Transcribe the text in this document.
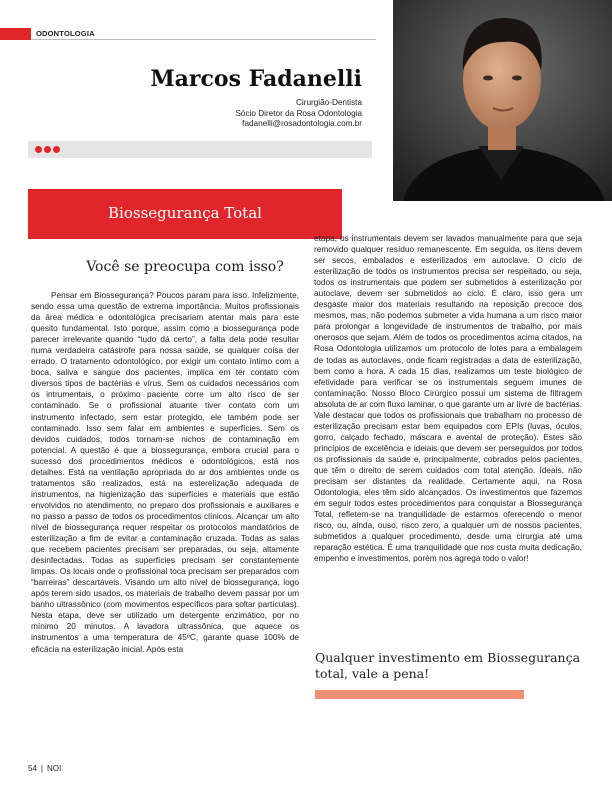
ODONTOLOGIA
Marcos Fadanelli
Cirurgião-Dentista
Sócio Diretor da Rosa Odontologia
fadanelli@rosadontologia.com.br
Biossegurança Total
Você se preocupa com isso?

Pensar em Biossegurança? Poucos param para isso. Infelizmente, sendo essa uma questão de extrema importância. Muitos profissionais da área médica e odontológica precisariam atentar mais para este quesito fundamental. Isto porque, assim como a biossegurança pode parecer irrelevante quando “tudo dá certo”, a falta dela pode resultar numa verdadeira catástrofe para nossa saúde, se qualquer coisa der errado. O tratamento odontológico, por exigir um contato íntimo com a boca, saliva e sangue dos pacientes, implica em ter contato com diversos tipos de bactérias e vírus. Sem os cuidados necessários com os intrumentais, o próximo paciente corre um alto risco de ser contaminado. Se o profissional atuante tiver contato com um instrumento infectado, sem estar protegido, ele também pode ser contaminado. Isso sem falar em ambientes e superfícies. Sem os devidos cuidados, todos tornam-se nichos de contaminação em potencial. A questão é que a biossegurança, embora crucial para o sucesso dos procedimentos médicos e odontológicos, está nos detalhes. Está na ventilação apropriada do ar dos ambientes onde os tratamentos são realizados, está na esterelização adequada de instrumentos, na higienização das superfícies e materiais que estão envolvidos no atendimento, no preparo dos profissionais e auxiliares e no passo a passo de todos os procedimentos clínicos. Alcançar um alto nível de biossegurança requer respeitar os protocolos mandatórios de esterilização a fim de evitar a contaminação cruzada. Todas as salas que recebem pacientes precisam ser preparadas, ou seja, altamente desinfectadas. Todas as superfícies precisam ser constantemente limpas. Os locais onde o profissional toca precisam ser preparados com “barreiras” descartáveis. Visando um alto nível de biossegurança, logo após terem sido usados, os materiais de trabalho devem passar por um banho ultrassônico (com movimentos específicos para soltar partículas). Nesta etapa, deve ser utilizado um detergente enzimático, por no mínimo 20 minutos. A lavadora ultrassônica, que aquece os instrumentos a uma temperatura de 45ºC, garante quase 100% de eficácia na esterilização inicial. Após esta

etapa, os instrumentais devem ser lavados manualmente para que seja removido qualquer resíduo remanescente. Em seguida, os itens devem ser secos, embalados e esterilizados em autoclave. O ciclo de esterilização de todos os instrumentos precisa ser respeitado, ou seja, todos os instrumentais que podem ser submetidos à esterilização por autoclave, devem ser submetidos ao ciclo. É claro, isso gera um desgaste maior dos materiais resultando na reposição precoce dos mesmos, mas, não podemos submeter a vida humana a um risco maior para prolongar a longevidade de instrumentos de trabalho, por mais onerosos que sejam. Além de todos os procedimentos acima citados, na Rosa Odontologia utilizamos um protocolo de lotes para a embalagem de todas as autoclaves, onde ficam registradas a data de esterilização, bem como a hora. A cada 15 dias, realizamos um teste biológico de efetividade para verificar se os instrumentais seguem imunes de contaminação. Nosso Bloco Cirúrgico possui um sistema de filtragem absoluta de ar com fluxo laminar, o que garante um ar livre de bactérias. Vale destacar que todos os profissionais que trabalham no processo de esterilização precisam estar bem equipados com EPIs (luvas, óculos, gorro, calçado fechado, máscara e avental de proteção). Estes são princípios de excelência e ideiais que devem ser perseguidos por todos os profissionais da saúde e, principalmente, cobrados pelos pacientes, que têm o direito de serem cuidados com total atenção. Ideais, não precisam ser distantes da realidade. Certamente aqui, na Rosa Odontologia, eles têm sido alcançados. Os investimentos que fazemos em seguir todos estes procedimentos para conquistar a Biossegurança Total, refletem-se na tranquilidade de estarmos oferecendo o menor risco, ou, ainda, ouso, risco zero, a qualquer um de nossos pacientes, submetidos a qualquer procedimento, desde uma cirurgia até uma reparação estética. É uma tranquilidade que nos custa muita dedicação, empenho e investimentos, porém nos agrega todo o valor!

Qualquer investimento em Biossegurança total, vale a pena!
54 | NOI
